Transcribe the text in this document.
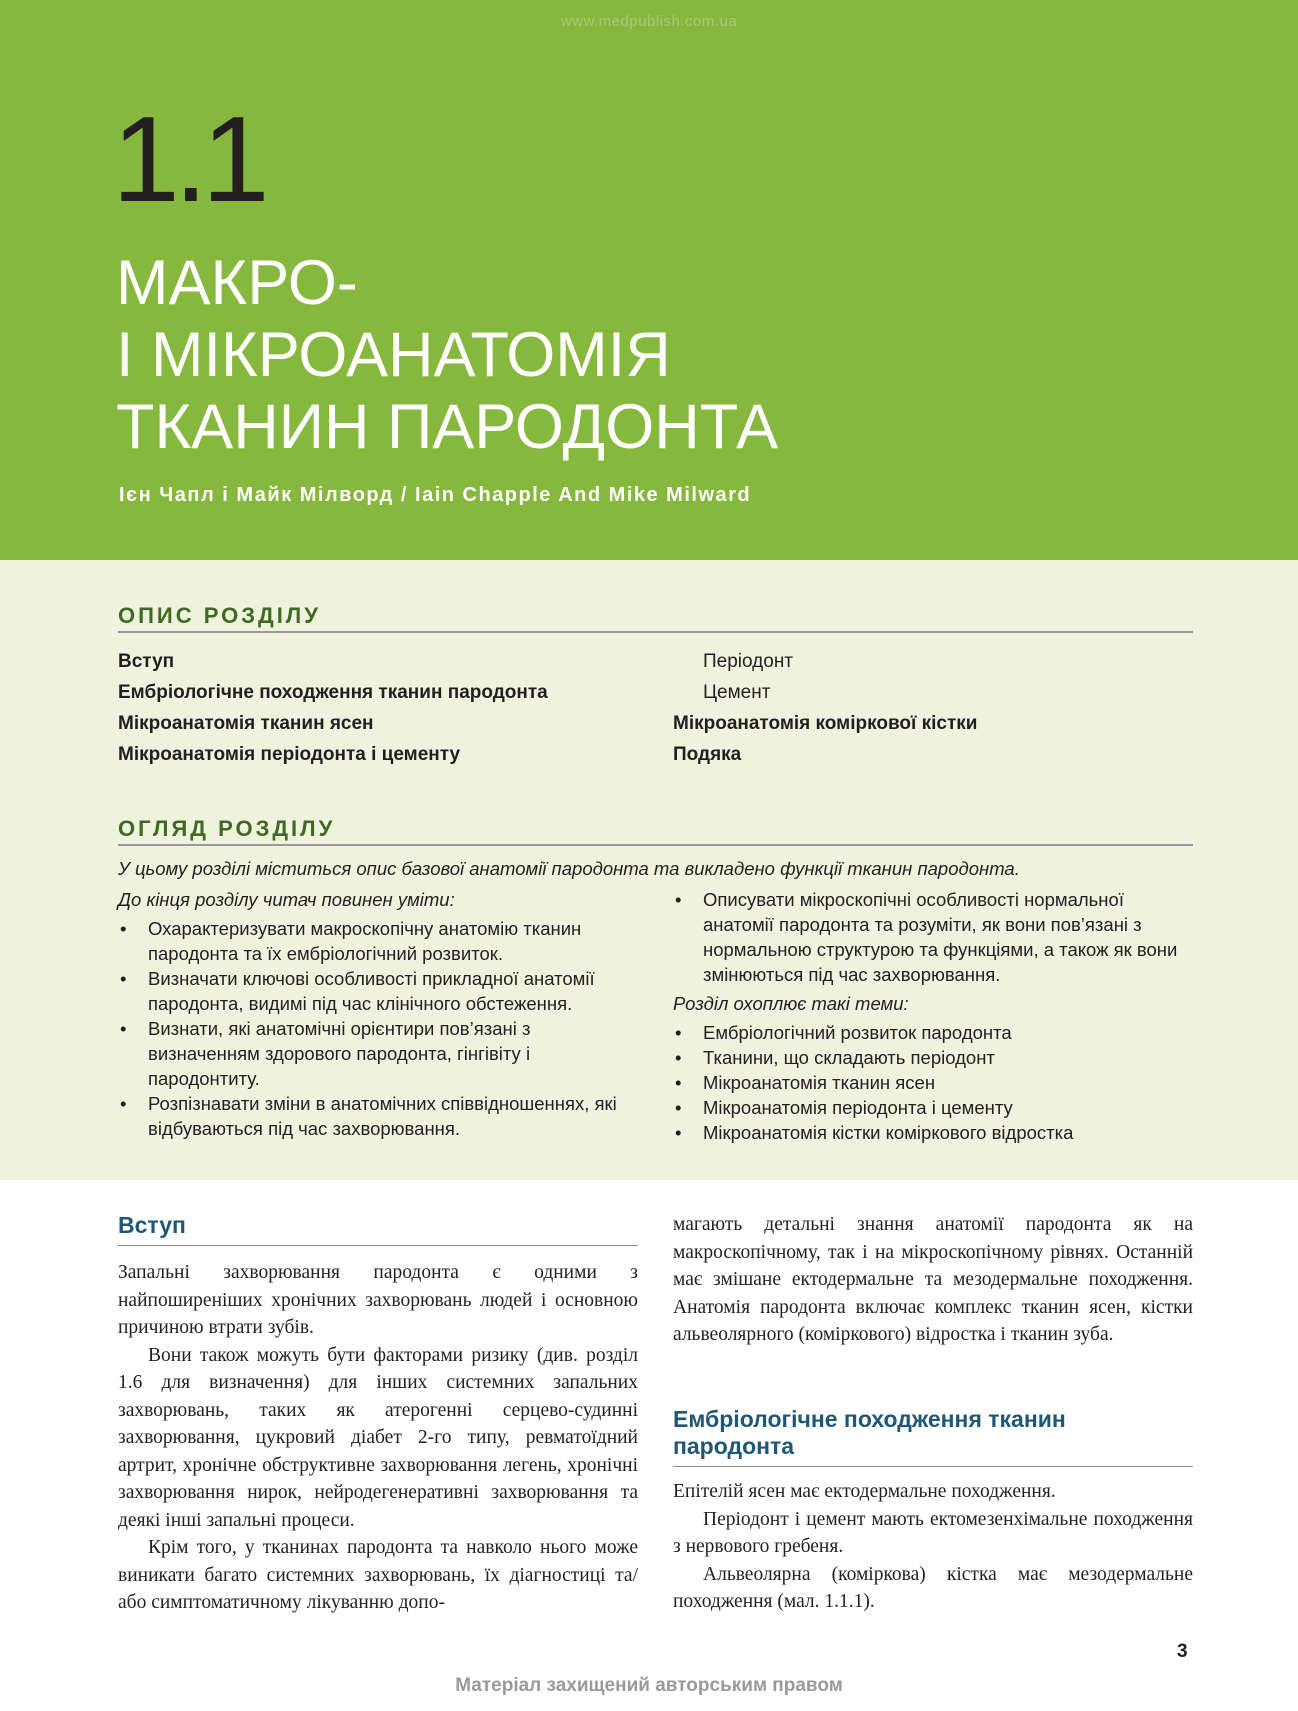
www.medpublish.com.ua
1.1
МАКРО-
І МІКРОАНАТОМІЯ
ТКАНИН ПАРОДОНТА
Ієн Чапл і Майк Мілворд / Iain Chapple And Mike Milward
ОПИС РОЗДІЛУ
Вступ
Ембріологічне походження тканин пародонта
Мікроанатомія тканин ясен
Мікроанатомія періодонта і цементу
Періодонт
Цемент
Мікроанатомія коміркової кістки
Подяка
ОГЛЯД РОЗДІЛУ
У цьому розділі міститься опис базової анатомії пародонта та викладено функції тканин пародонта.
До кінця розділу читач повинен уміти:
• Охарактеризувати макроскопічну анатомію тканин пародонта та їх ембріологічний розвиток.
• Визначати ключові особливості прикладної анатомії пародонта, видимі під час клінічного обстеження.
• Визнати, які анатомічні орієнтири пов’язані з визначенням здорового пародонта, гінгівіту і пародонтиту.
• Розпізнавати зміни в анатомічних співвідношеннях, які відбуваються під час захворювання.
• Описувати мікроскопічні особливості нормальної анатомії пародонта та розуміти, як вони пов’язані з нормальною структурою та функціями, а також як вони змінюються під час захворювання.
Розділ охоплює такі теми:
• Ембріологічний розвиток пародонта
• Тканини, що складають періодонт
• Мікроанатомія тканин ясен
• Мікроанатомія періодонта і цементу
• Мікроанатомія кістки коміркового відростка
Вступ

Запальні захворювання пародонта є одними з найпоширеніших хронічних захворювань людей і основною причиною втрати зубів.

Вони також можуть бути факторами ризику (див. розділ 1.6 для визначення) для інших системних запальних захворювань, таких як атерогенні серцево-судинні захворювання, цукровий діабет 2-го типу, ревматоїдний артрит, хронічне обструктивне захворювання легень, хронічні захворювання нирок, нейродегенеративні захворювання та деякі інші запальні процеси.

Крім того, у тканинах пародонта та навколо нього може виникати багато системних захворювань, їх діагностиці та/або симптоматичному лікуванню допо-

магають детальні знання анатомії пародонта як на макроскопічному, так і на мікроскопічному рівнях. Останній має змішане ектодермальне та мезодермальне походження. Анатомія пародонта включає комплекс тканин ясен, кістки альвеолярного (коміркового) відростка і тканин зуба.

Ембріологічне походження тканин
пародонта

Епітелій ясен має ектодермальне походження.

Періодонт і цемент мають ектомезенхімальне походження з нервового гребеня.

Альвеолярна (коміркова) кістка має мезодермальне походження (мал. 1.1.1).

3
Матеріал захищений авторським правом
